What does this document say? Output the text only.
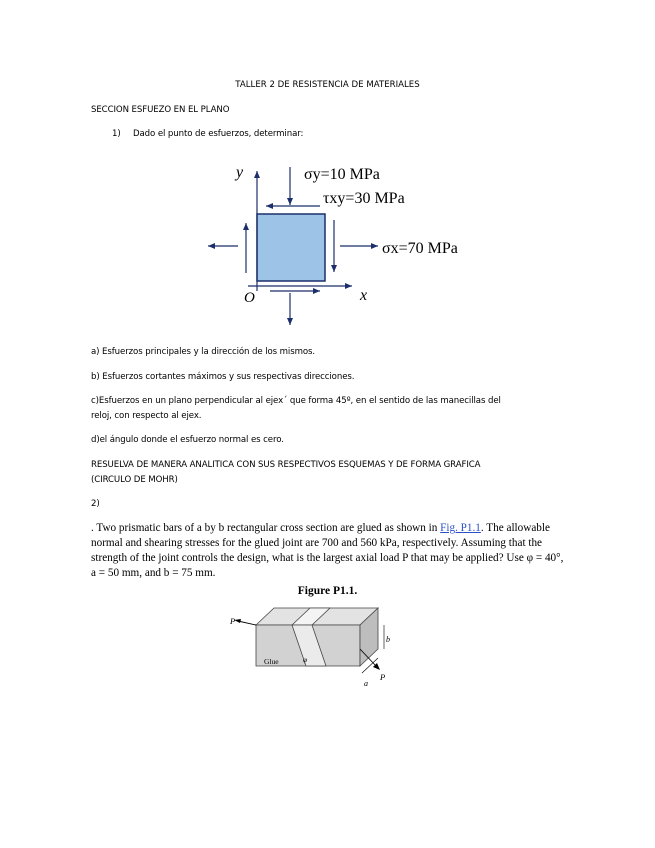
TALLER 2 DE RESISTENCIA DE MATERIALES
SECCION ESFUEZO EN EL PLANO
1) Dado el punto de esfuerzos, determinar:
y
x
O
σy=10 MPa
τxy=30 MPa
σx=70 MPa
a) Esfuerzos principales y la dirección de los mismos.
b) Esfuerzos cortantes máximos y sus respectivas direcciones.
c)Esfuerzos en un plano perpendicular al ejex´ que forma 45º, en el sentido de las manecillas del
reloj, con respecto al ejex.
d)el ángulo donde el esfuerzo normal es cero.
RESUELVA DE MANERA ANALITICA CON SUS RESPECTIVOS ESQUEMAS Y DE FORMA GRAFICA
(CIRCULO DE MOHR)
2)
. Two prismatic bars of a by b rectangular cross section are glued as shown in Fig. P1.1. The allowable normal and shearing stresses for the glued joint are 700 and 560 kPa, respectively. Assuming that the strength of the joint controls the design, what is the largest axial load P that may be applied? Use φ = 40°, a = 50 mm, and b = 75 mm.
Figure P1.1.
P
P
Glue	φ
b
a
